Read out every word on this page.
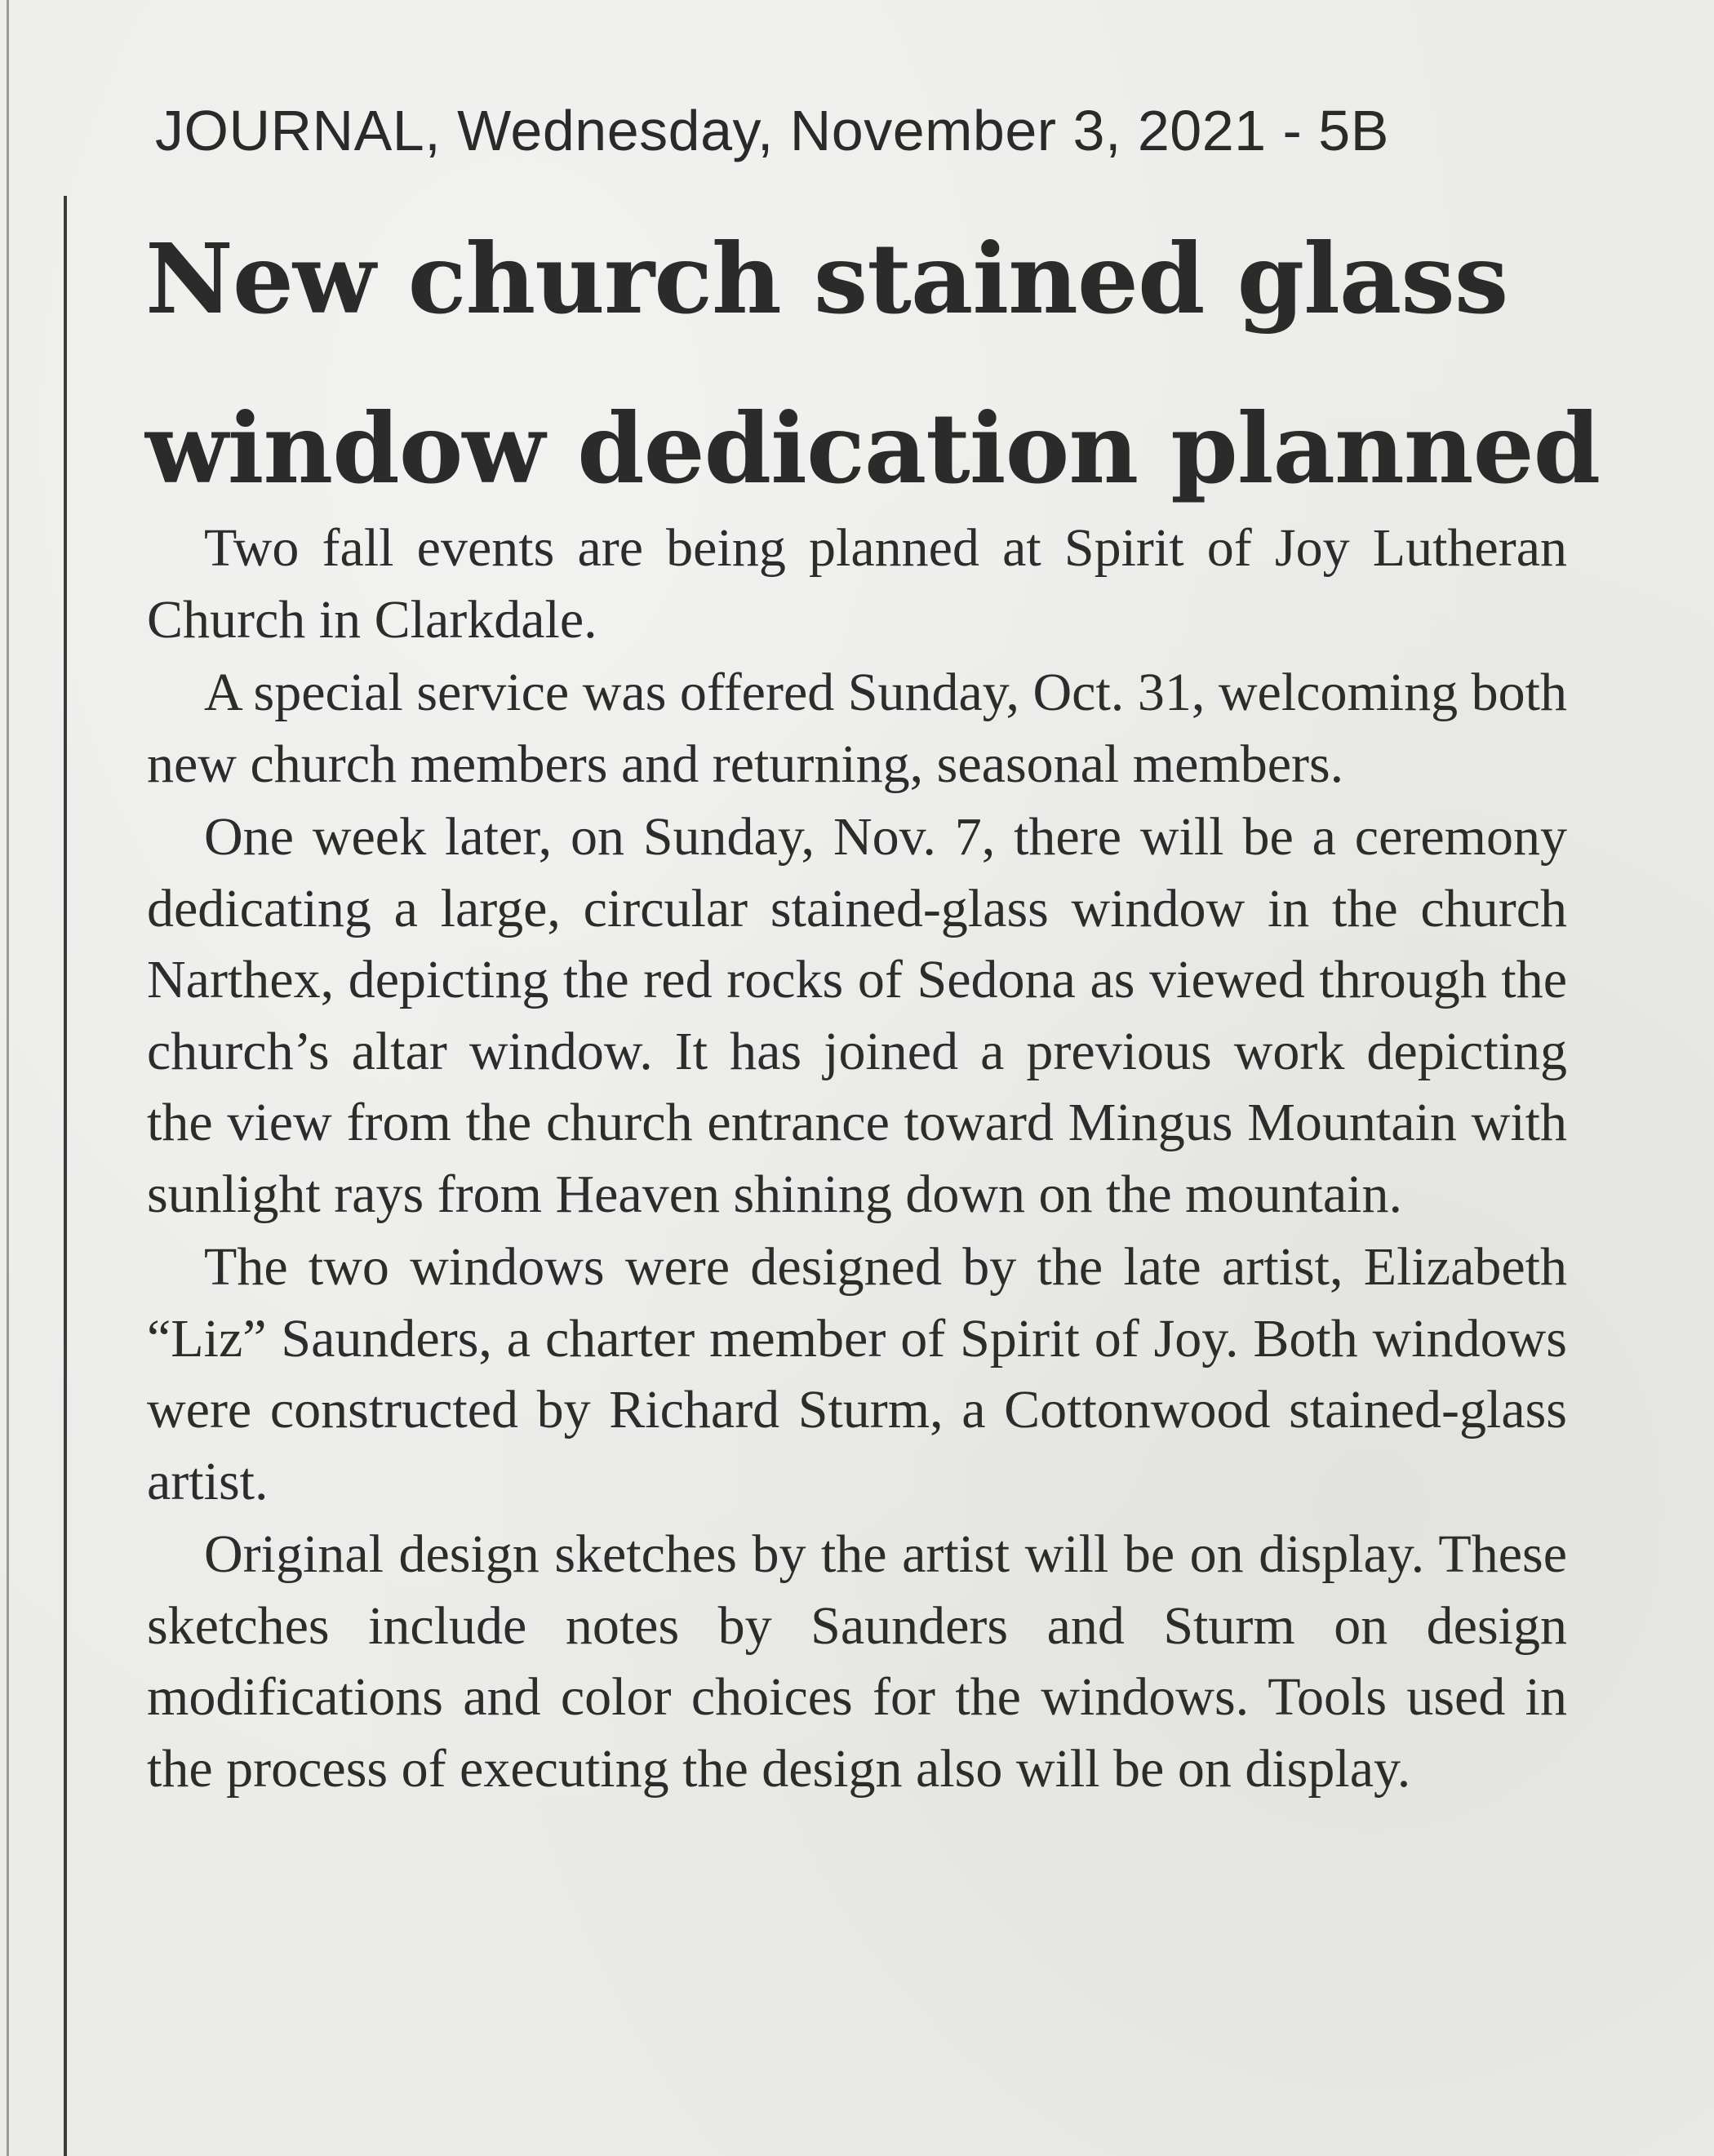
JOURNAL, Wednesday, November 3, 2021 - 5B
New church stained glass
window dedication planned

Two fall events are being planned at Spirit of Joy Lutheran Church in Clarkdale.

A special service was offered Sunday, Oct. 31, welcoming both new church members and returning, seasonal members.

One week later, on Sunday, Nov. 7, there will be a ceremony dedicating a large, circular stained-glass window in the church Narthex, depicting the red rocks of Sedona as viewed through the church’s altar window. It has joined a previous work depicting the view from the church entrance toward Mingus Mountain with sunlight rays from Heaven shining down on the mountain.

The two windows were designed by the late artist, Elizabeth “Liz” Saunders, a charter member of Spirit of Joy. Both windows were constructed by Richard Sturm, a Cottonwood stained-glass artist.

Original design sketches by the artist will be on display. These sketches include notes by Saunders and Sturm on design modifications and color choices for the windows. Tools used in the process of executing the design also will be on display.
